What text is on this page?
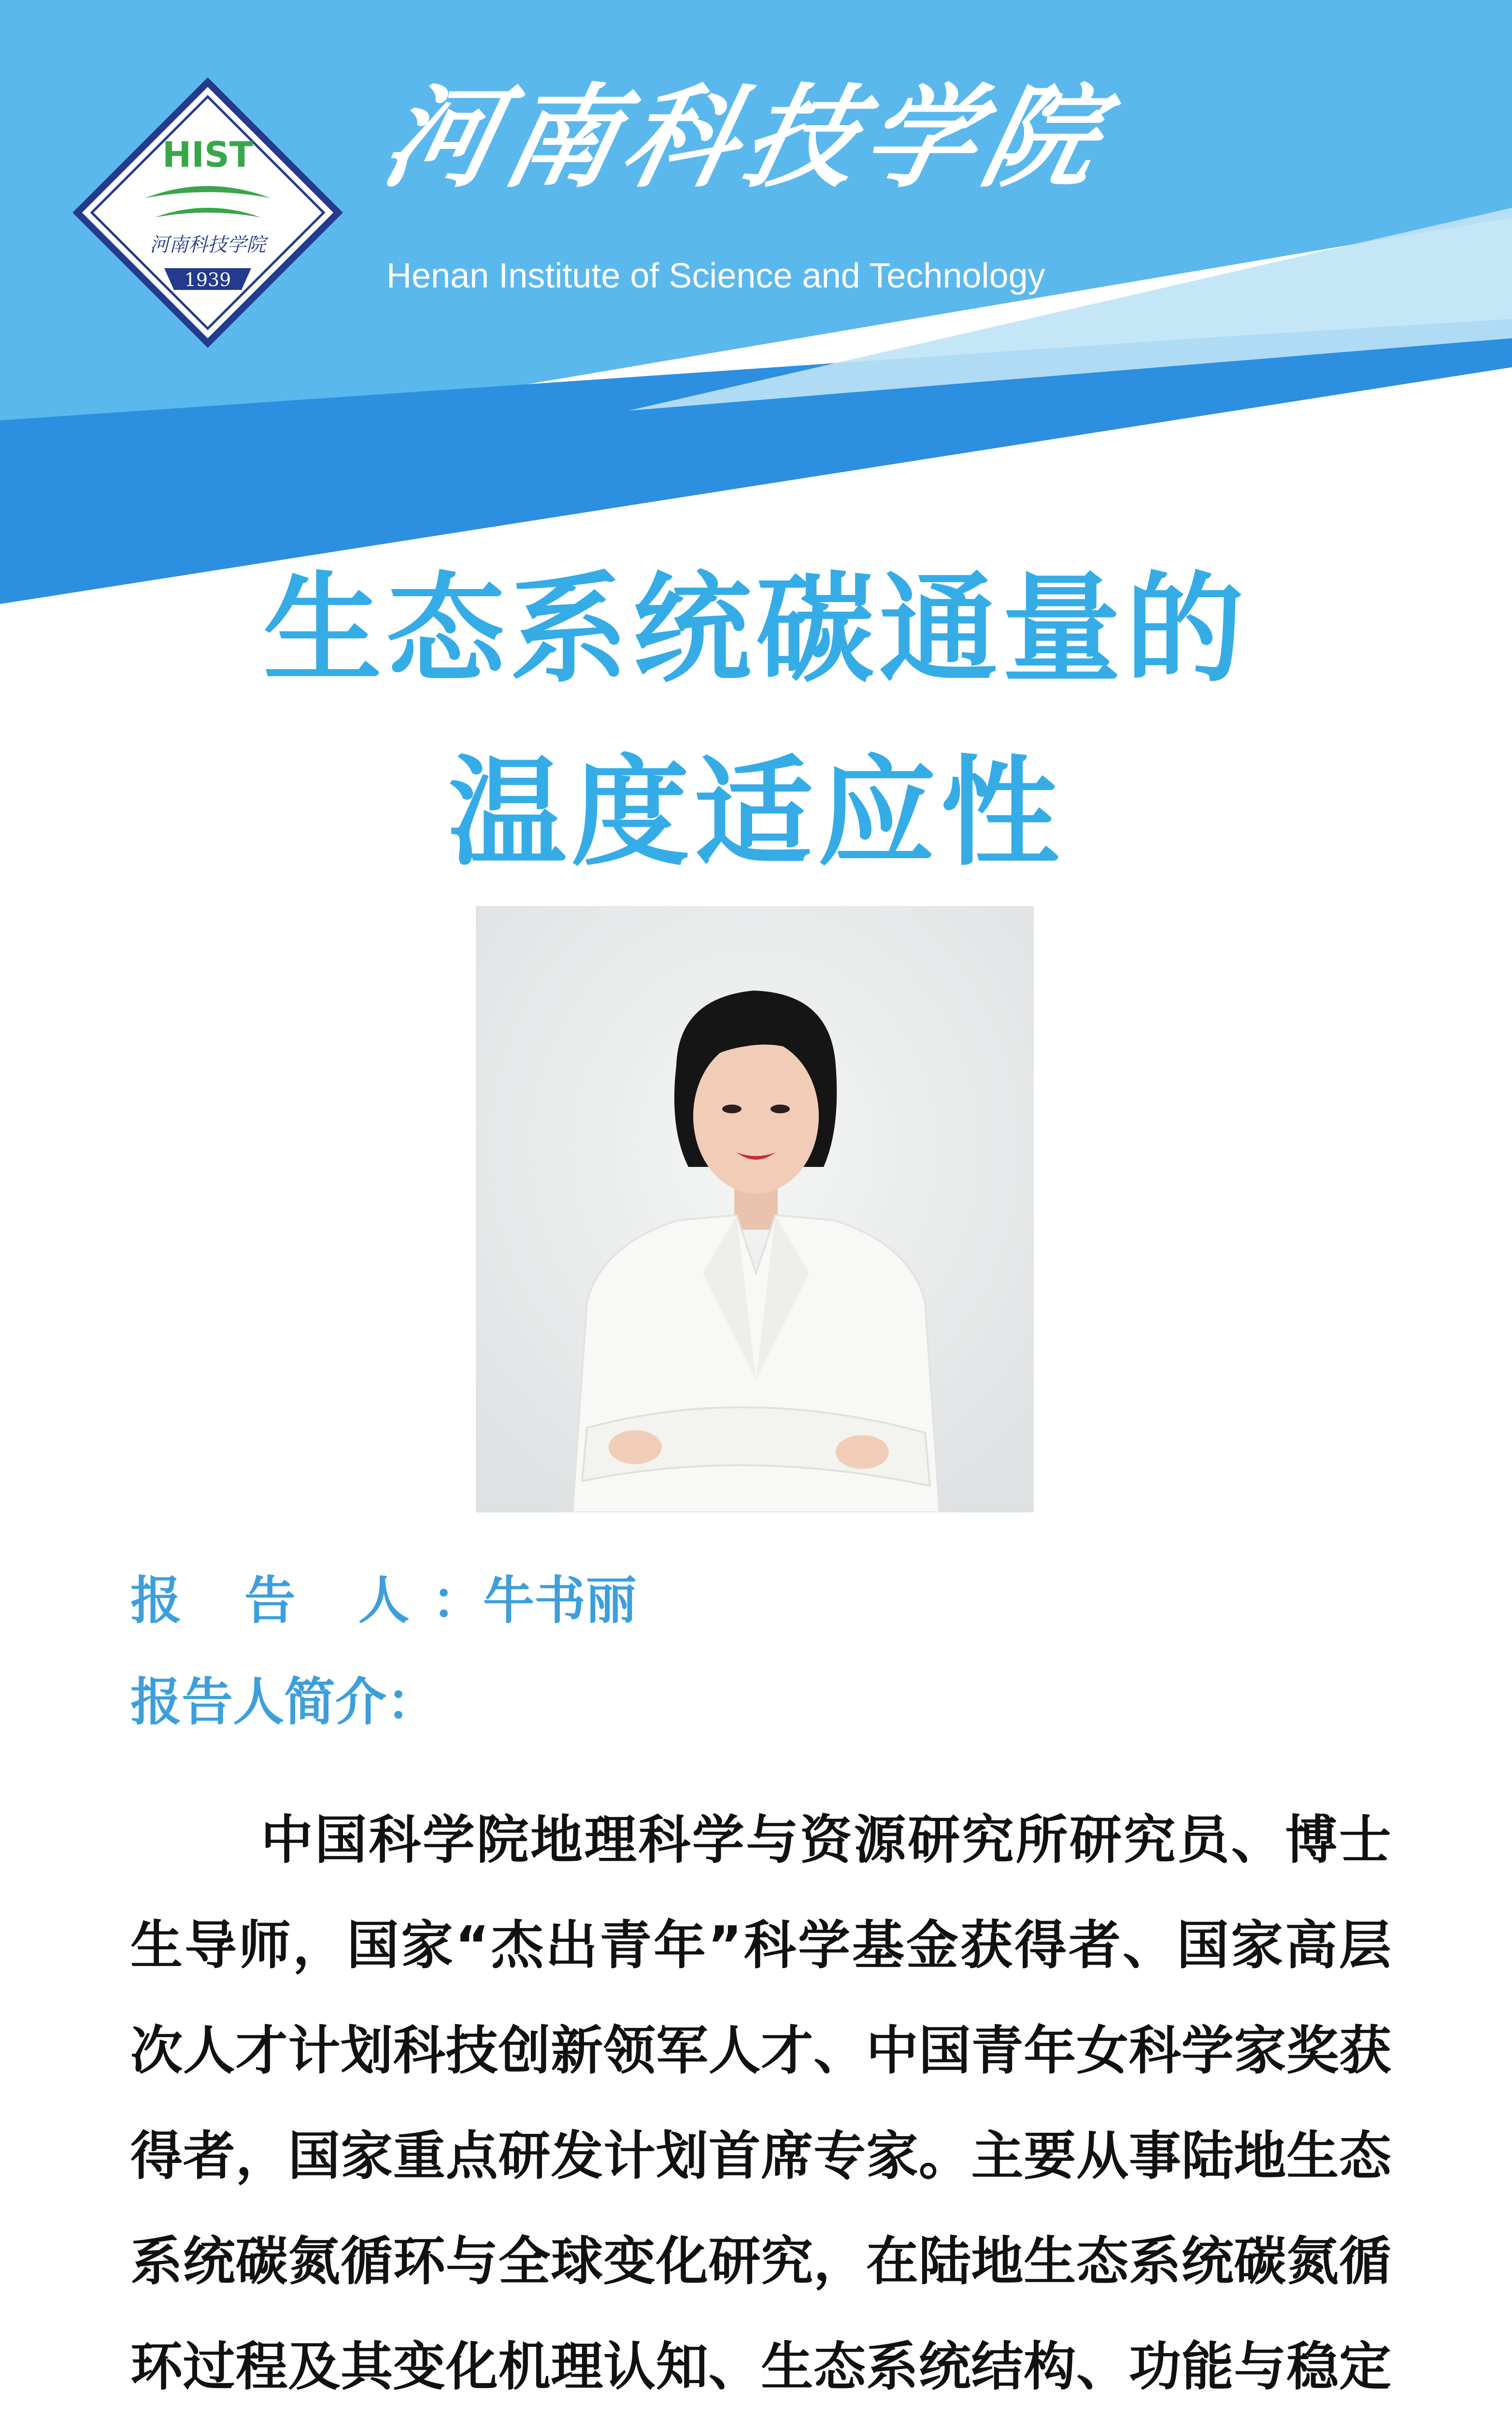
HIST
河南科技学院
1939
河南科技学院
Henan Institute of Science and Technology
生态系统碳通量的
温度适应性
报 告 人： 牛书丽
报告人简介：

中国科学院地理科学与资源研究所研究员、博士生导师，国家“杰出青年”科学基金获得者、国家高层次人才计划科技创新领军人才、中国青年女科学家奖获得者，国家重点研发计划首席专家。主要从事陆地生态系统碳氮循环与全球变化研究，在陆地生态系统碳氮循环过程及其变化机理认知、生态系统结构、功能与稳定
